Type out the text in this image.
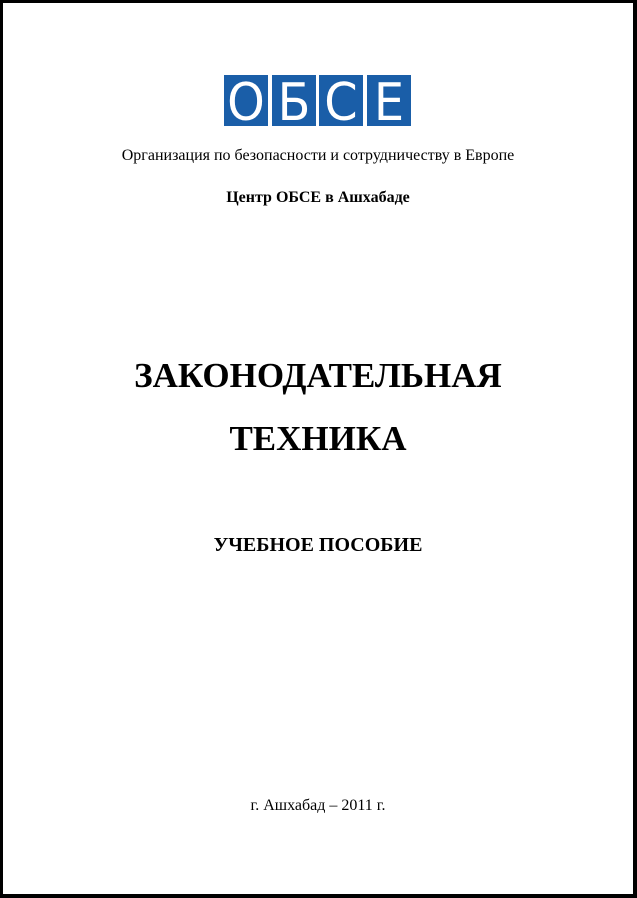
О Б С Е
Организация по безопасности и сотрудничеству в Европе
Центр ОБСЕ в Ашхабаде
ЗАКОНОДАТЕЛЬНАЯ
ТЕХНИКА
УЧЕБНОЕ ПОСОБИЕ
г. Ашхабад – 2011 г.
